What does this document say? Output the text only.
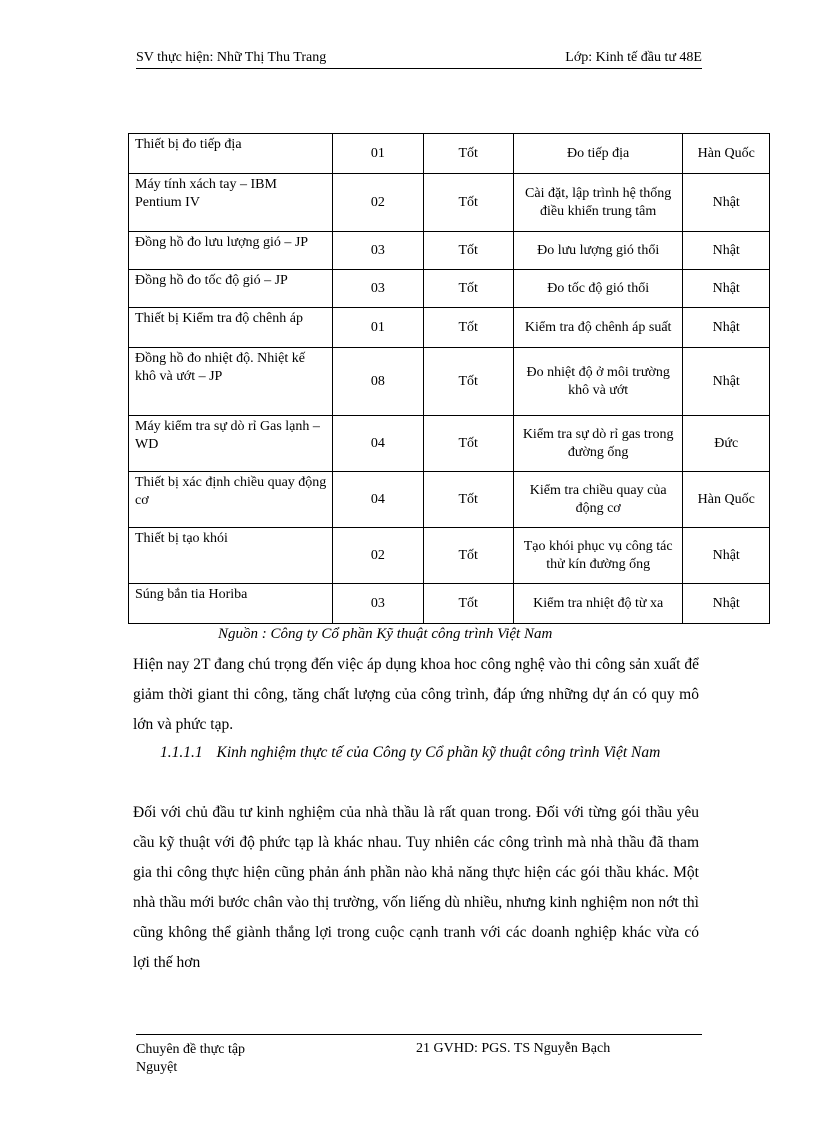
SV thực hiện: Nhữ Thị Thu Trang	Lớp: Kinh tế đầu tư 48E
Thiết bị đo tiếp địa	01	Tốt	Đo tiếp địa	Hàn Quốc
Máy tính xách tay – IBM Pentium IV	02	Tốt	Cài đặt, lập trình hệ thống điều khiển trung tâm	Nhật
Đồng hồ đo lưu lượng gió – JP	03	Tốt	Đo lưu lượng gió thổi	Nhật
Đồng hồ đo tốc độ gió – JP	03	Tốt	Đo tốc độ gió thổi	Nhật
Thiết bị Kiểm tra độ chênh áp	01	Tốt	Kiểm tra độ chênh áp suất	Nhật
Đồng hồ đo nhiệt độ. Nhiệt kế khô và ướt – JP	08	Tốt	Đo nhiệt độ ở môi trường khô và ướt	Nhật
Máy kiểm tra sự dò rỉ Gas lạnh – WD	04	Tốt	Kiểm tra sự dò rỉ gas trong đường ống	Đức
Thiết bị xác định chiều quay động cơ	04	Tốt	Kiểm tra chiều quay của động cơ	Hàn Quốc
Thiết bị tạo khói	02	Tốt	Tạo khói phục vụ công tác thử kín đường ống	Nhật
Súng bắn tia Horiba	03	Tốt	Kiểm tra nhiệt độ từ xa	Nhật
Nguồn : Công ty Cổ phần Kỹ thuật công trình Việt Nam
Hiện nay 2T đang chú trọng đến việc áp dụng khoa hoc công nghệ vào thi công sản xuất để giảm thời giant thi công, tăng chất lượng của công trình, đáp ứng những dự án có quy mô lớn và phức tạp.
1.1.1.1 Kinh nghiệm thực tế của Công ty Cổ phần kỹ thuật công trình Việt Nam
Đối với chủ đầu tư kinh nghiệm của nhà thầu là rất quan trong. Đối với từng gói thầu yêu cầu kỹ thuật với độ phức tạp là khác nhau. Tuy nhiên các công trình mà nhà thầu đã tham gia thi công thực hiện cũng phản ánh phần nào khả năng thực hiện các gói thầu khác. Một nhà thầu mới bước chân vào thị trường, vốn liếng dù nhiều, nhưng kinh nghiệm non nớt thì cũng không thể giành thắng lợi trong cuộc cạnh tranh với các doanh nghiệp khác vừa có lợi thế hơn
Chuyên đề thực tập Nguyệt
21 GVHD: PGS. TS Nguyễn Bạch
